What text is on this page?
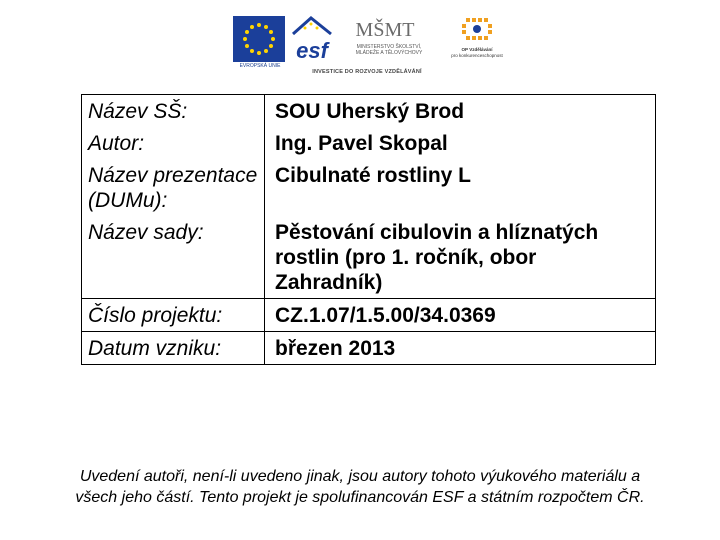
EVROPSKÁ UNIE
esf
MŠMT
MINISTERSTVO ŠKOLSTVÍ,
MLÁDEŽE A TĚLOVÝCHOVY
OP Vzdělávání
pro konkurenceschopnost
INVESTICE DO ROZVOJE VZDĚLÁVÁNÍ
Název SŠ:	SOU Uherský Brod
Autor:	Ing. Pavel Skopal
Název prezentace (DUMu):	Cibulnaté rostliny L
Název sady:	Pěstování cibulovin a hlíznatých rostlin (pro 1. ročník, obor Zahradník)
Číslo projektu:	CZ.1.07/1.5.00/34.0369
Datum vzniku:	březen 2013
Uvedení autoři, není-li uvedeno jinak, jsou autory tohoto výukového materiálu a
všech jeho částí. Tento projekt je spolufinancován ESF a státním rozpočtem ČR.
